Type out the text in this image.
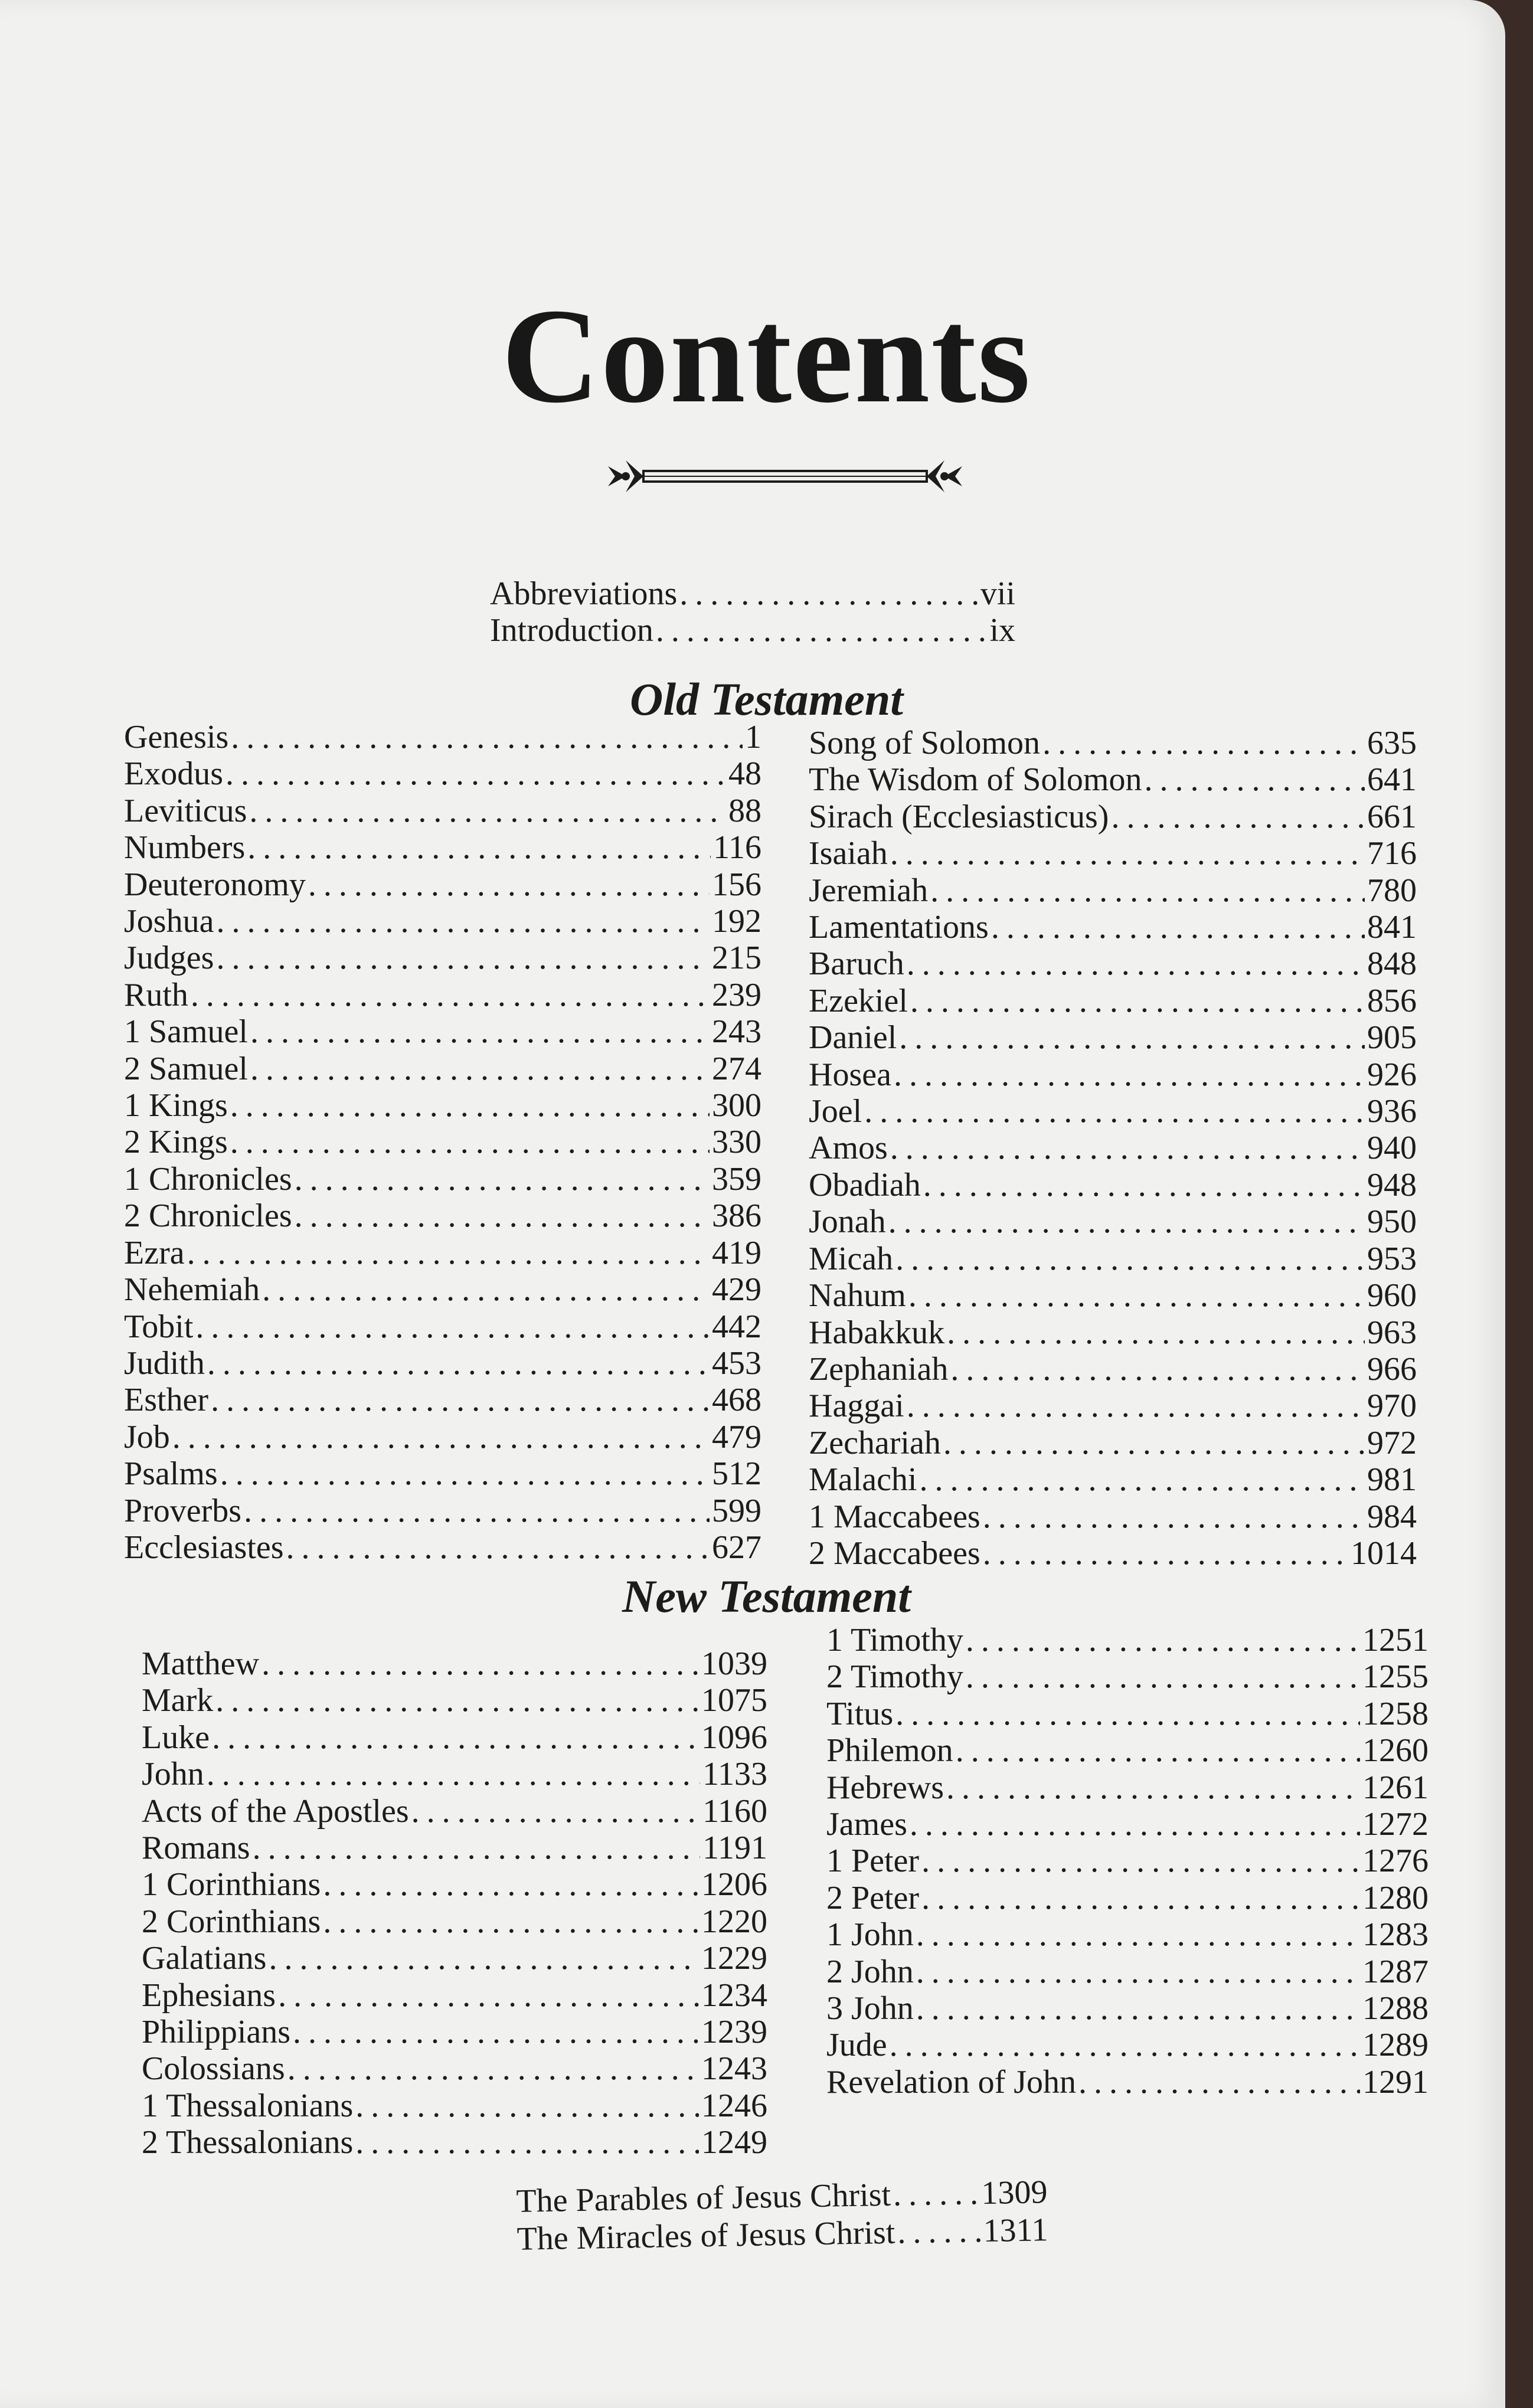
Contents
Abbreviations . . .	vii
Introduction . . .	ix
Old Testament
Genesis . . .	1
Exodus . . .	48
Leviticus . . .	88
Numbers . . .	116
Deuteronomy . . .	156
Joshua . . .	192
Judges . . .	215
Ruth . . .	239
1 Samuel . . .	243
2 Samuel . . .	274
1 Kings . . .	300
2 Kings . . .	330
1 Chronicles . . .	359
2 Chronicles . . .	386
Ezra . . .	419
Nehemiah . . .	429
Tobit . . .	442
Judith . . .	453
Esther . . .	468
Job . . .	479
Psalms . . .	512
Proverbs . . .	599
Ecclesiastes . . .	627
Song of Solomon . . .	635
The Wisdom of Solomon . . .	641
Sirach (Ecclesiasticus) . . .	661
Isaiah . . .	716
Jeremiah . . .	780
Lamentations . . .	841
Baruch . . .	848
Ezekiel . . .	856
Daniel . . .	905
Hosea . . .	926
Joel . . .	936
Amos . . .	940
Obadiah . . .	948
Jonah . . .	950
Micah . . .	953
Nahum . . .	960
Habakkuk . . .	963
Zephaniah . . .	966
Haggai . . .	970
Zechariah . . .	972
Malachi . . .	981
1 Maccabees . . .	984
2 Maccabees . . .	1014
New Testament
Matthew . . .	1039
Mark . . .	1075
Luke . . .	1096
John . . .	1133
Acts of the Apostles . . .	1160
Romans . . .	1191
1 Corinthians . . .	1206
2 Corinthians . . .	1220
Galatians . . .	1229
Ephesians . . .	1234
Philippians . . .	1239
Colossians . . .	1243
1 Thessalonians . . .	1246
2 Thessalonians . . .	1249
1 Timothy . . .	1251
2 Timothy . . .	1255
Titus . . .	1258
Philemon . . .	1260
Hebrews . . .	1261
James . . .	1272
1 Peter . . .	1276
2 Peter . . .	1280
1 John . . .	1283
2 John . . .	1287
3 John . . .	1288
Jude . . .	1289
Revelation of John . . .	1291
The Parables of Jesus Christ . . .	1309
The Miracles of Jesus Christ . . .	1311
